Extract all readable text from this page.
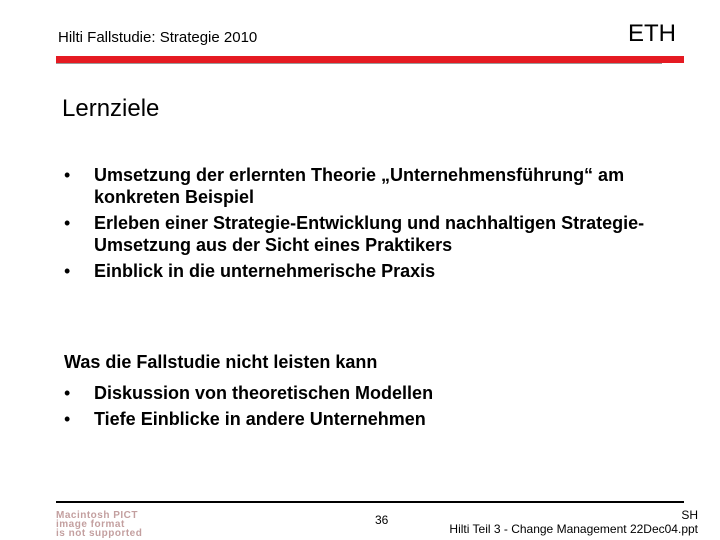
Hilti Fallstudie: Strategie 2010	ETH
Lernziele
• Umsetzung der erlernten Theorie „Unternehmensführung“ am konkreten Beispiel
• Erleben einer Strategie-Entwicklung und nachhaltigen Strategie-Umsetzung aus der Sicht eines Praktikers
• Einblick in die unternehmerische Praxis
Was die Fallstudie nicht leisten kann
• Diskussion von theoretischen Modellen
• Tiefe Einblicke in andere Unternehmen
Macintosh PICT
image format
is not supported
36	SH
Hilti Teil 3 - Change Management 22Dec04.ppt
